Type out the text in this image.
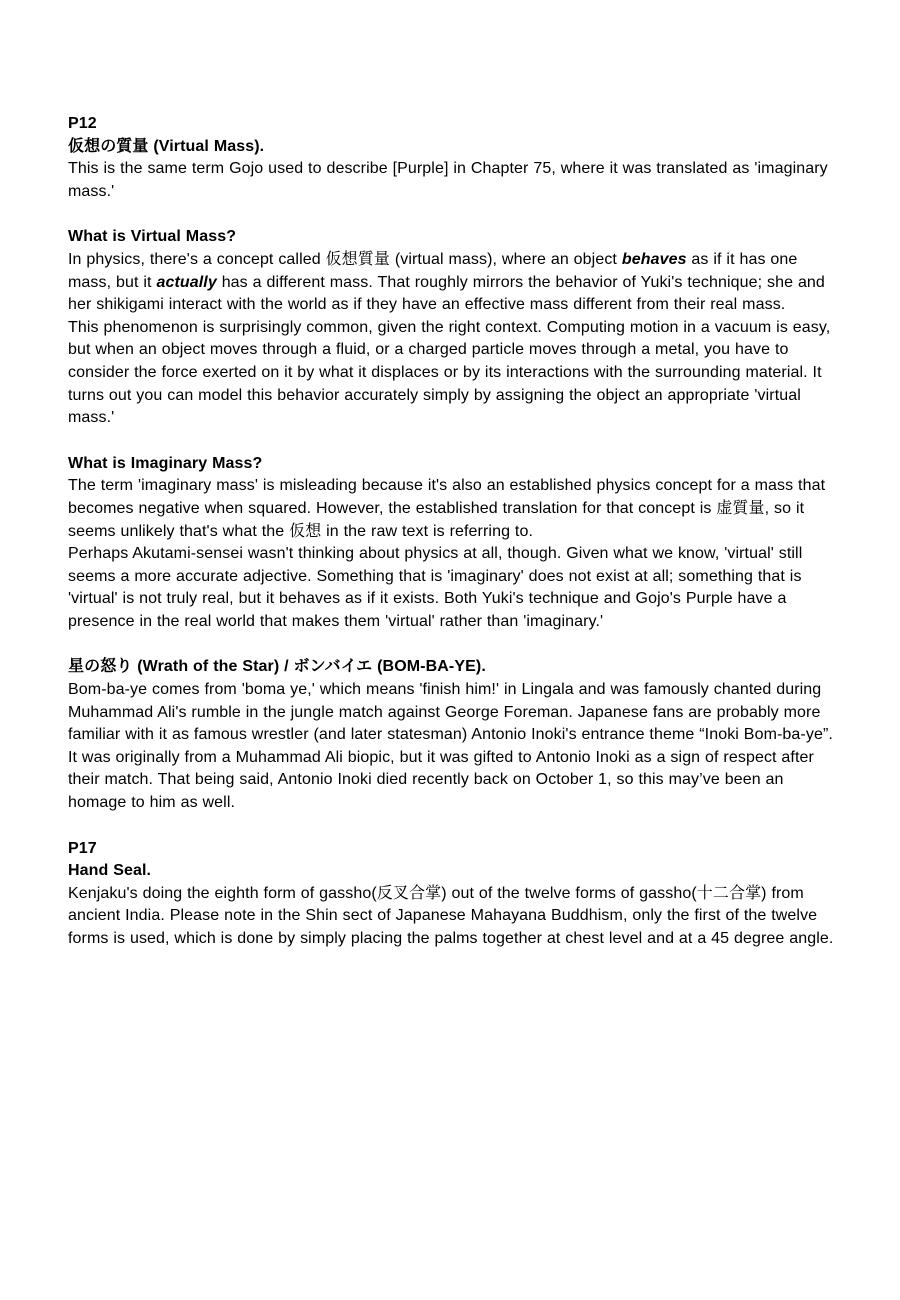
P12

仮想の質量 (Virtual Mass).

This is the same term Gojo used to describe [Purple] in Chapter 75, where it was translated as 'imaginary mass.'

What is Virtual Mass?

In physics, there's a concept called 仮想質量 (virtual mass), where an object behaves as if it has one mass, but it actually has a different mass. That roughly mirrors the behavior of Yuki's technique; she and her shikigami interact with the world as if they have an effective mass different from their real mass.

This phenomenon is surprisingly common, given the right context. Computing motion in a vacuum is easy, but when an object moves through a fluid, or a charged particle moves through a metal, you have to consider the force exerted on it by what it displaces or by its interactions with the surrounding material. It turns out you can model this behavior accurately simply by assigning the object an appropriate 'virtual mass.'

What is Imaginary Mass?

The term 'imaginary mass' is misleading because it's also an established physics concept for a mass that becomes negative when squared. However, the established translation for that concept is 虚質量, so it seems unlikely that's what the 仮想 in the raw text is referring to.

Perhaps Akutami-sensei wasn't thinking about physics at all, though. Given what we know, 'virtual' still seems a more accurate adjective. Something that is 'imaginary' does not exist at all; something that is 'virtual' is not truly real, but it behaves as if it exists. Both Yuki's technique and Gojo's Purple have a presence in the real world that makes them 'virtual' rather than 'imaginary.'

星の怒り (Wrath of the Star) / ボンバイエ (BOM-BA-YE).

Bom-ba-ye comes from 'boma ye,' which means 'finish him!' in Lingala and was famously chanted during Muhammad Ali's rumble in the jungle match against George Foreman. Japanese fans are probably more familiar with it as famous wrestler (and later statesman) Antonio Inoki's entrance theme “Inoki Bom-ba-ye”. It was originally from a Muhammad Ali biopic, but it was gifted to Antonio Inoki as a sign of respect after their match. That being said, Antonio Inoki died recently back on October 1, so this may’ve been an homage to him as well.

P17

Hand Seal.

Kenjaku's doing the eighth form of gassho(反叉合掌) out of the twelve forms of gassho(十二合掌) from ancient India. Please note in the Shin sect of Japanese Mahayana Buddhism, only the first of the twelve forms is used, which is done by simply placing the palms together at chest level and at a 45 degree angle.
